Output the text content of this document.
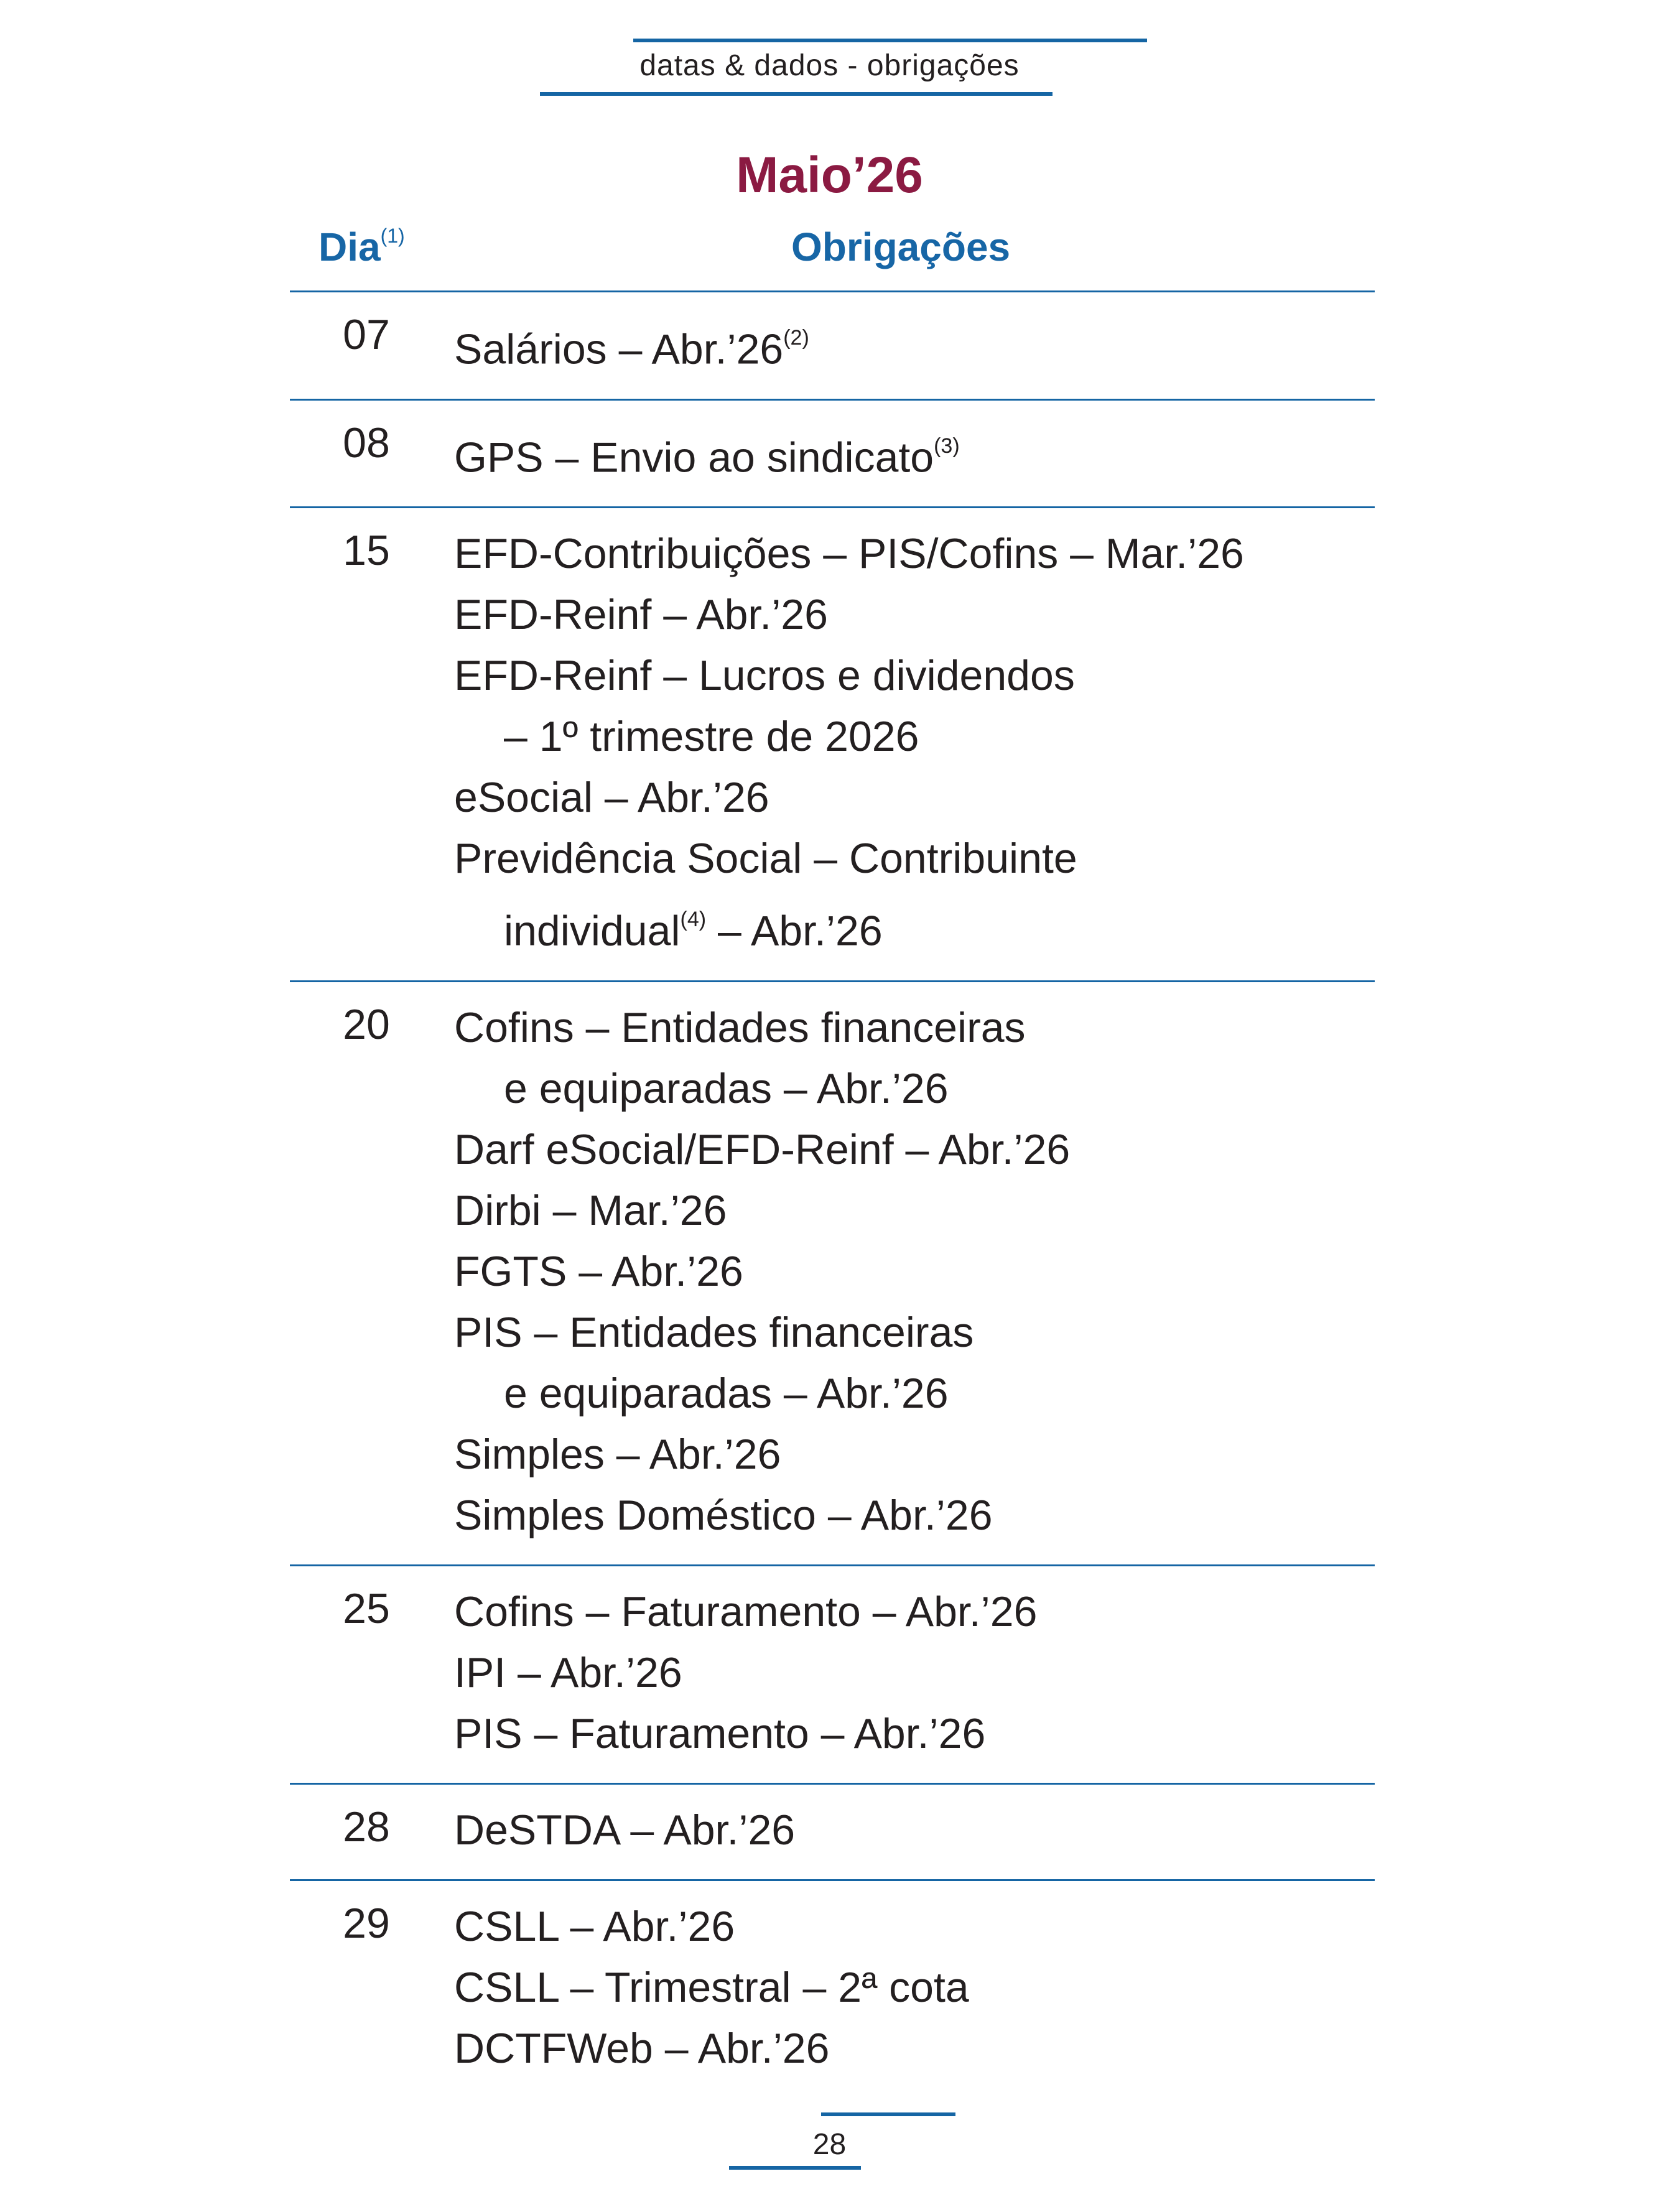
datas & dados - obrigações
Maio’26
Dia$^{(1)}$	Obrigações
07	Salários – Abr.’26$^{(2)}$
08	GPS – Envio ao sindicato$^{(3)}$
15	EFD-Contribuições – PIS/Cofins – Mar.’26
EFD-Reinf – Abr.’26
EFD-Reinf – Lucros e dividendos
– 1º trimestre de 2026
eSocial – Abr.’26
Previdência Social – Contribuinte
individual$^{(4)}$ – Abr.’26
20	Cofins – Entidades financeiras
e equiparadas – Abr.’26
Darf eSocial/EFD-Reinf – Abr.’26
Dirbi – Mar.’26
FGTS – Abr.’26
PIS – Entidades financeiras
e equiparadas – Abr.’26
Simples – Abr.’26
Simples Doméstico – Abr.’26
25	Cofins – Faturamento – Abr.’26
IPI – Abr.’26
PIS – Faturamento – Abr.’26
28	DeSTDA – Abr.’26
29	CSLL – Abr.’26
CSLL – Trimestral – 2ª cota
DCTFWeb – Abr.’26
28
